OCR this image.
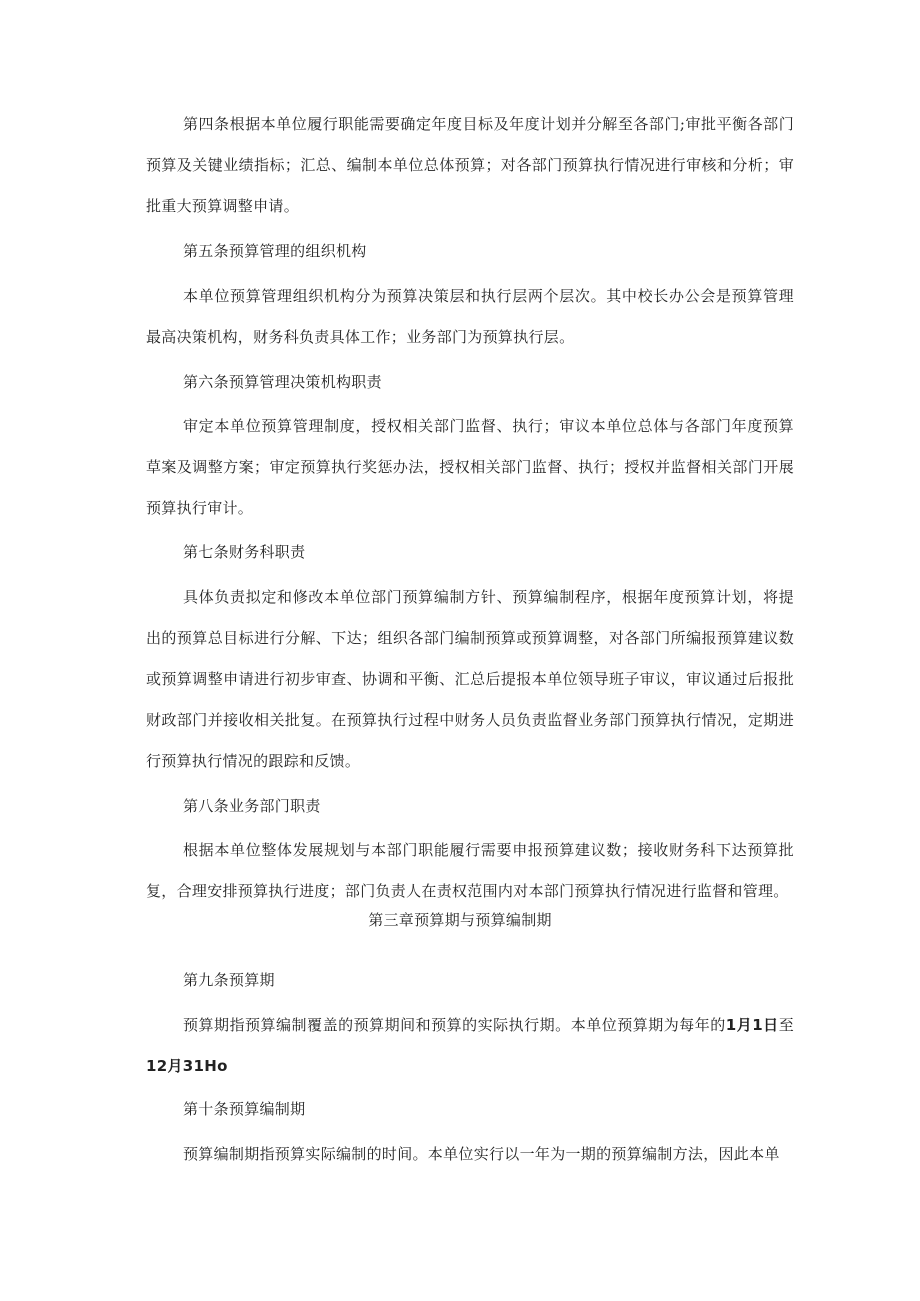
第四条根据本单位履行职能需要确定年度目标及年度计划并分解至各部门;审批平衡各部门预算及关键业绩指标；汇总、编制本单位总体预算；对各部门预算执行情况进行审核和分析；审批重大预算调整申请。

第五条预算管理的组织机构

本单位预算管理组织机构分为预算决策层和执行层两个层次。其中校长办公会是预算管理最高决策机构，财务科负责具体工作；业务部门为预算执行层。

第六条预算管理决策机构职责

审定本单位预算管理制度，授权相关部门监督、执行；审议本单位总体与各部门年度预算草案及调整方案；审定预算执行奖惩办法，授权相关部门监督、执行；授权并监督相关部门开展预算执行审计。

第七条财务科职责

具体负责拟定和修改本单位部门预算编制方针、预算编制程序，根据年度预算计划，将提出的预算总目标进行分解、下达；组织各部门编制预算或预算调整，对各部门所编报预算建议数或预算调整申请进行初步审查、协调和平衡、汇总后提报本单位领导班子审议，审议通过后报批财政部门并接收相关批复。在预算执行过程中财务人员负责监督业务部门预算执行情况，定期进行预算执行情况的跟踪和反馈。

第八条业务部门职责

根据本单位整体发展规划与本部门职能履行需要申报预算建议数；接收财务科下达预算批复，合理安排预算执行进度；部门负责人在责权范围内对本部门预算执行情况进行监督和管理。

第三章预算期与预算编制期

第九条预算期

预算期指预算编制覆盖的预算期间和预算的实际执行期。本单位预算期为每年的1月1日至12月31Ho

第十条预算编制期

预算编制期指预算实际编制的时间。本单位实行以一年为一期的预算编制方法，因此本单
